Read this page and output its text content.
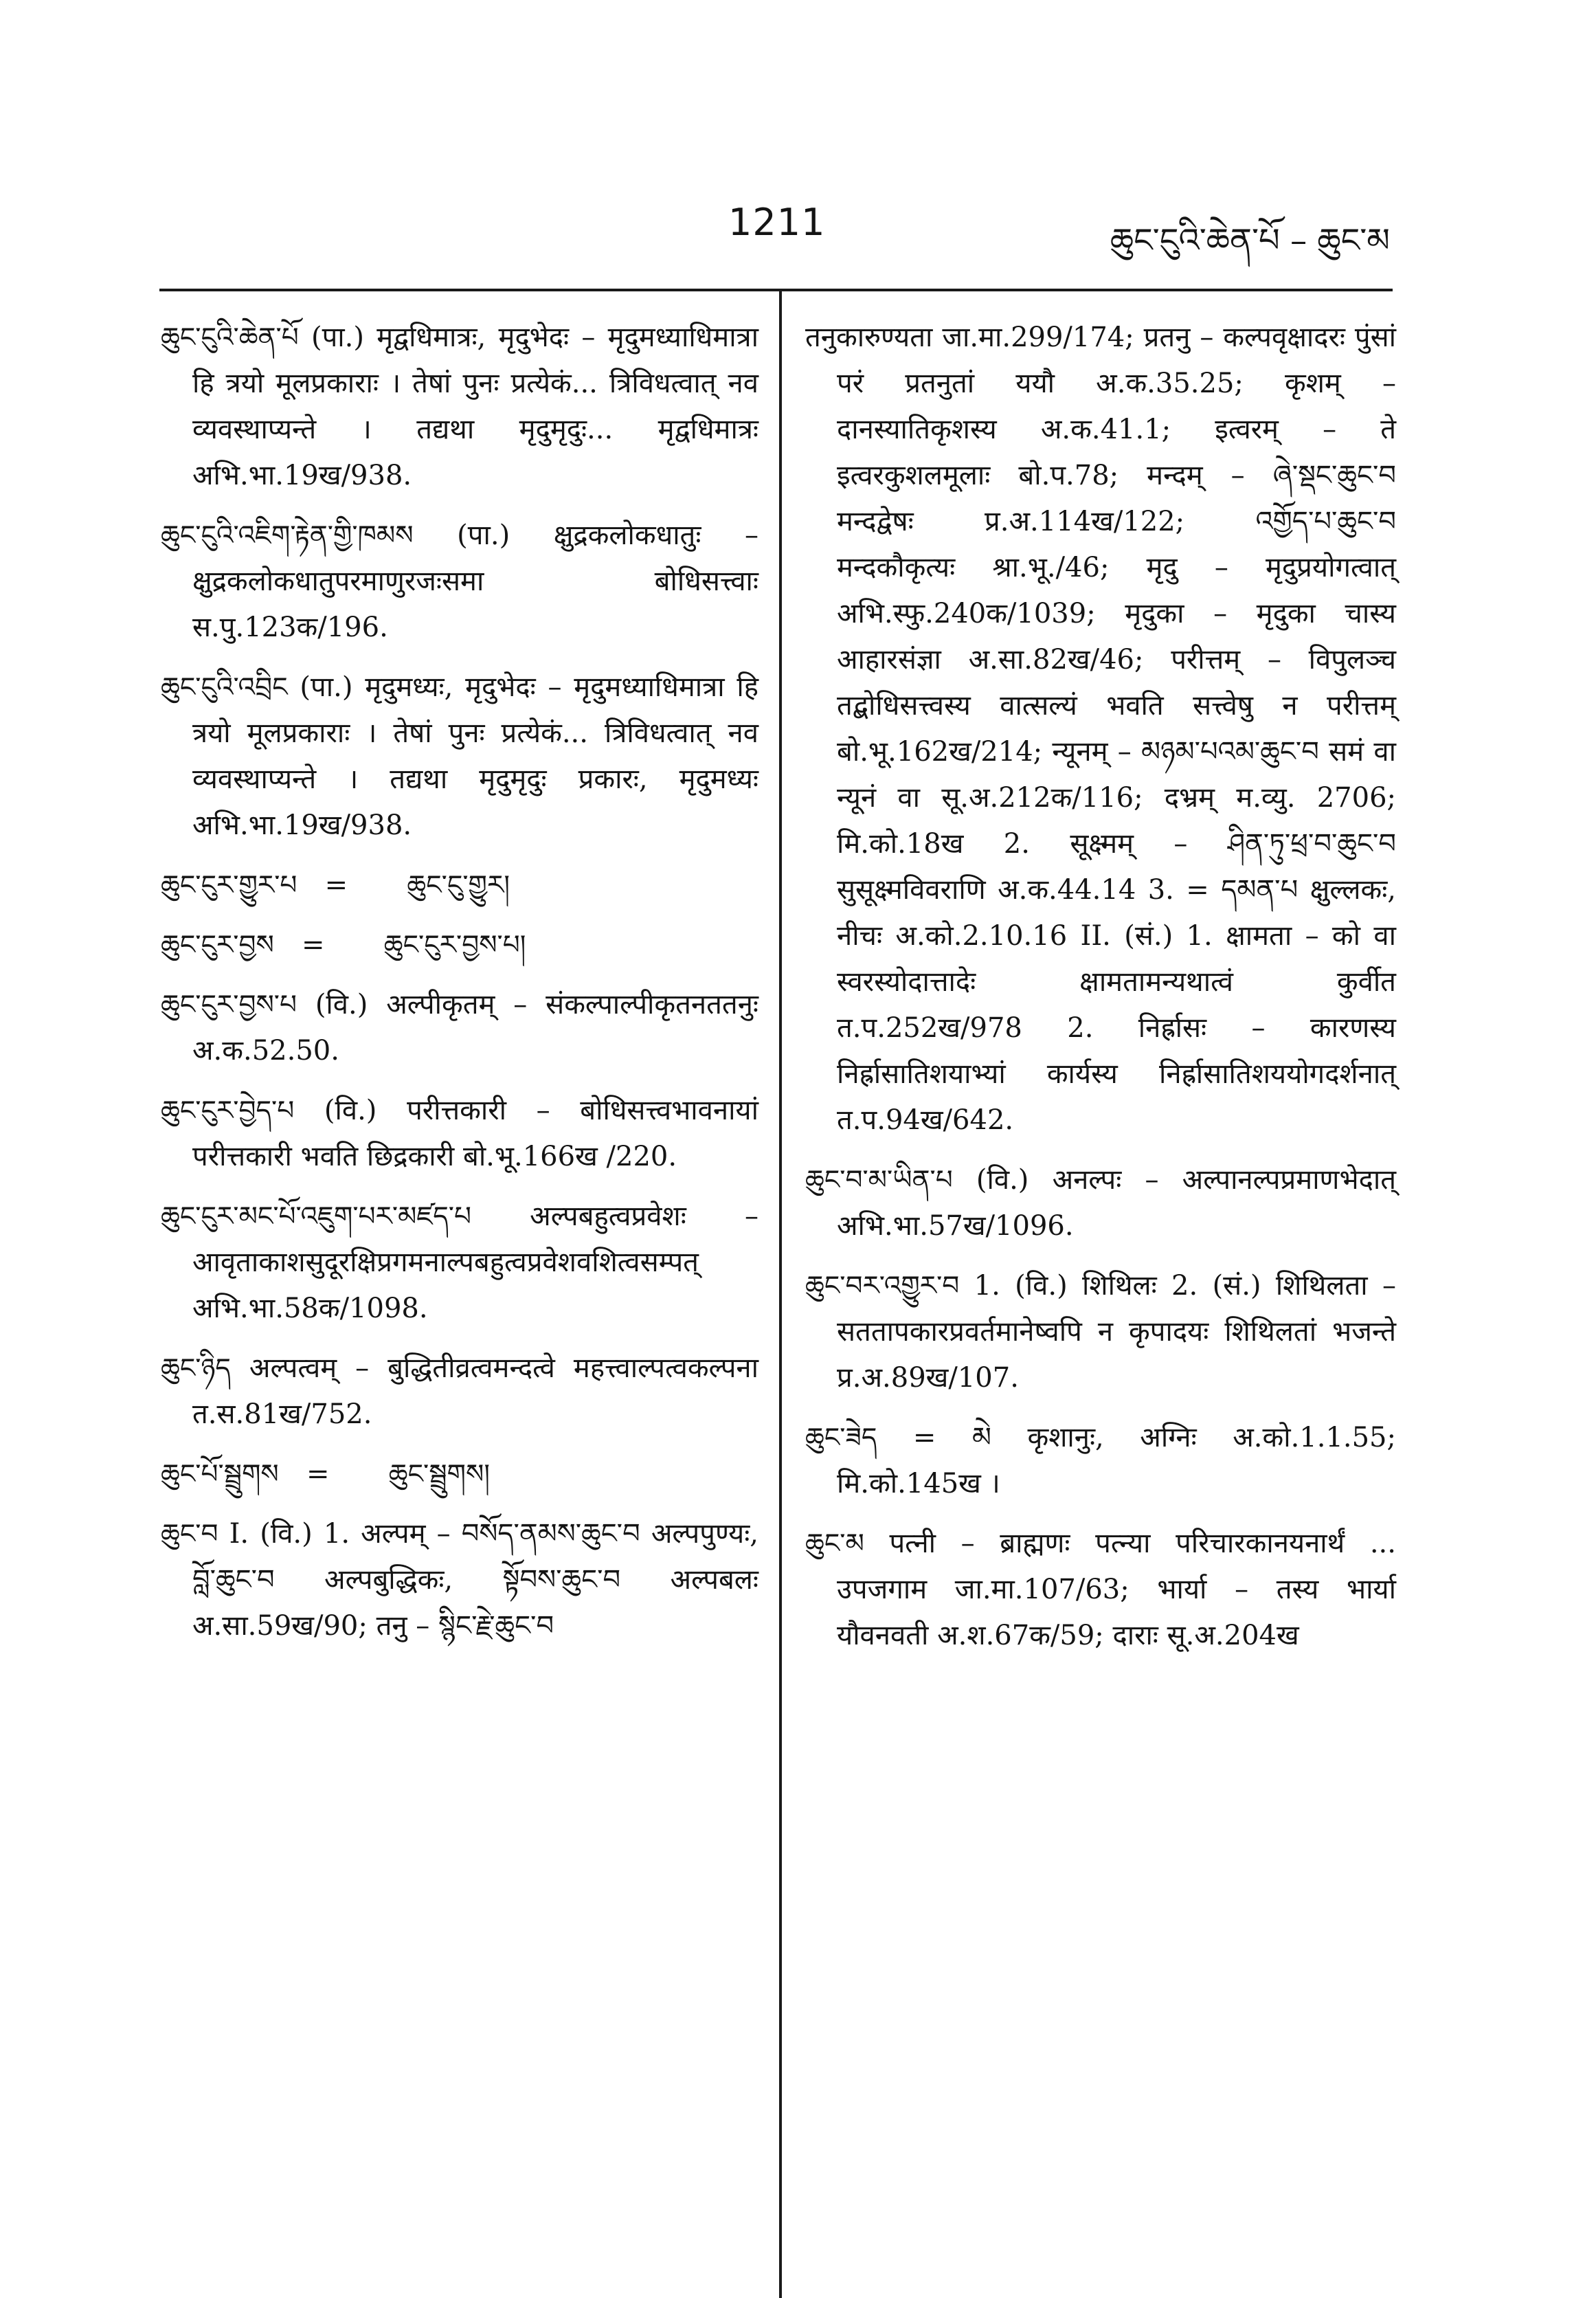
1211	ཆུང་ངུའི་ཆེན་པོ – ཆུང་མ

ཆུང་ངུའི་ཆེན་པོ (पा.) मृद्वधिमात्रः, मृदुभेदः – मृदुमध्याधिमात्रा हि त्रयो मूलप्रकाराः । तेषां पुनः प्रत्येकं... त्रिविधत्वात् नव व्यवस्थाप्यन्ते । तद्यथा मृदुमृदुः... मृद्वधिमात्रः अभि.भा.19ख/938.

ཆུང་ངུའི་འཇིག་རྟེན་གྱི་ཁམས (पा.) क्षुद्रकलोकधातुः – क्षुद्रकलोकधातुपरमाणुरजःसमा बोधिसत्त्वाः स.पु.123क/196.

ཆུང་ངུའི་འབྲིང (पा.) मृदुमध्यः, मृदुभेदः – मृदुमध्याधिमात्रा हि त्रयो मूलप्रकाराः । तेषां पुनः प्रत्येकं... त्रिविधत्वात् नव व्यवस्थाप्यन्ते । तद्यथा मृदुमृदुः प्रकारः, मृदुमध्यः अभि.भा.19ख/938.

ཆུང་ངུར་གྱུར་པ = ཆུང་ངུ་གྱུར།

ཆུང་ངུར་བྱས = ཆུང་ངུར་བྱས་པ།

ཆུང་ངུར་བྱས་པ (वि.) अल्पीकृतम् – संकल्पाल्पीकृतनततनुः अ.क.52.50.

ཆུང་ངུར་བྱེད་པ (वि.) परीत्तकारी – बोधिसत्त्वभावनायां परीत्तकारी भवति छिद्रकारी बो.भू.166ख /220.

ཆུང་ངུར་མང་པོ་འཇུག་པར་མཛད་པ अल्पबहुत्वप्रवेशः – आवृताकाशसुदूरक्षिप्रगमनाल्पबहुत्वप्रवेशवशित्वसम्पत् अभि.भा.58क/1098.

ཆུང་ཉིད अल्पत्वम् – बुद्धितीव्रत्वमन्दत्वे महत्त्वाल्पत्वकल्पना त.स.81ख/752.

ཆུང་པོ་སྦྲུགས = ཆུང་སྦྲུགས།

ཆུང་བ I. (वि.) 1. अल्पम् – བསོད་ནམས་ཆུང་བ अल्पपुण्यः, བློ་ཆུང་བ अल्पबुद्धिकः, སྟོབས་ཆུང་བ अल्पबलः अ.सा.59ख/90; तनु – སྙིང་རྗེ་ཆུང་བ

तनुकारुण्यता जा.मा.299/174; प्रतनु – कल्पवृक्षादरः पुंसां परं प्रतनुतां ययौ अ.क.35.25; कृशम् – दानस्यातिकृशस्य अ.क.41.1; इत्वरम् – ते इत्वरकुशलमूलाः बो.प.78; मन्दम् – ཞེ་སྡང་ཆུང་བ मन्दद्वेषः प्र.अ.114ख/122; འགྱོད་པ་ཆུང་བ मन्दकौकृत्यः श्रा.भू./46; मृदु – मृदुप्रयोगत्वात् अभि.स्फु.240क/1039; मृदुका – मृदुका चास्य आहारसंज्ञा अ.सा.82ख/46; परीत्तम् – विपुलञ्च तद्बोधिसत्त्वस्य वात्सल्यं भवति सत्त्वेषु न परीत्तम् बो.भू.162ख/214; न्यूनम् – མཉམ་པའམ་ཆུང་བ समं वा न्यूनं वा सू.अ.212क/116; दभ्रम् म.व्यु. 2706; मि.को.18ख 2. सूक्ष्मम् – ཤིན་ཏུ་ཕྲ་བ་ཆུང་བ सुसूक्ष्मविवराणि अ.क.44.14 3. = དམན་པ क्षुल्लकः, नीचः अ.को.2.10.16 II. (सं.) 1. क्षामता – को वा स्वरस्योदात्तादेः क्षामतामन्यथात्वं कुर्वीत त.प.252ख/978 2. निर्ह्रासः – कारणस्य निर्ह्रासातिशयाभ्यां कार्यस्य निर्ह्रासातिशययोगदर्शनात् त.प.94ख/642.

ཆུང་བ་མ་ཡིན་པ (वि.) अनल्पः – अल्पानल्पप्रमाणभेदात् अभि.भा.57ख/1096.

ཆུང་བར་འགྱུར་བ 1. (वि.) शिथिलः 2. (सं.) शिथिलता – सततापकारप्रवर्तमानेष्वपि न कृपादयः शिथिलतां भजन्ते प्र.अ.89ख/107.

ཆུང་ཟེད = མེ कृशानुः, अग्निः अ.को.1.1.55; मि.को.145ख ।

ཆུང་མ पत्नी – ब्राह्मणः पत्न्या परिचारकानयनार्थं ... उपजगाम जा.मा.107/63; भार्या – तस्य भार्या यौवनवती अ.श.67क/59; दाराः सू.अ.204ख
